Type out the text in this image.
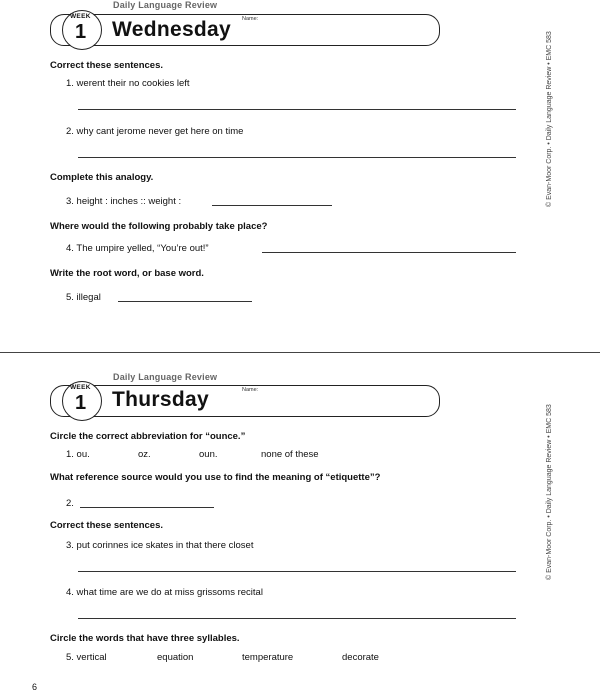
Daily Language Review
WEEK
1 Wednesday Name:
Correct these sentences.
1. werent their no cookies left
2. why cant jerome never get here on time
Complete this analogy.
3. height : inches :: weight :
Where would the following probably take place?
4. The umpire yelled, “You’re out!”
Write the root word, or base word.
5. illegal
© Evan-Moor Corp. • Daily Language Review • EMC 583
Daily Language Review
WEEK
1 Thursday	Name:
Circle the correct abbreviation for “ounce.”
1. ou.	oz.	oun.	none of these
What reference source would you use to find the meaning of “etiquette”?
2.
Correct these sentences.
3. put corinnes ice skates in that there closet
4. what time are we do at miss grissoms recital
Circle the words that have three syllables.
5. vertical	equation	temperature	decorate
© Evan-Moor Corp. • Daily Language Review • EMC 583
6
